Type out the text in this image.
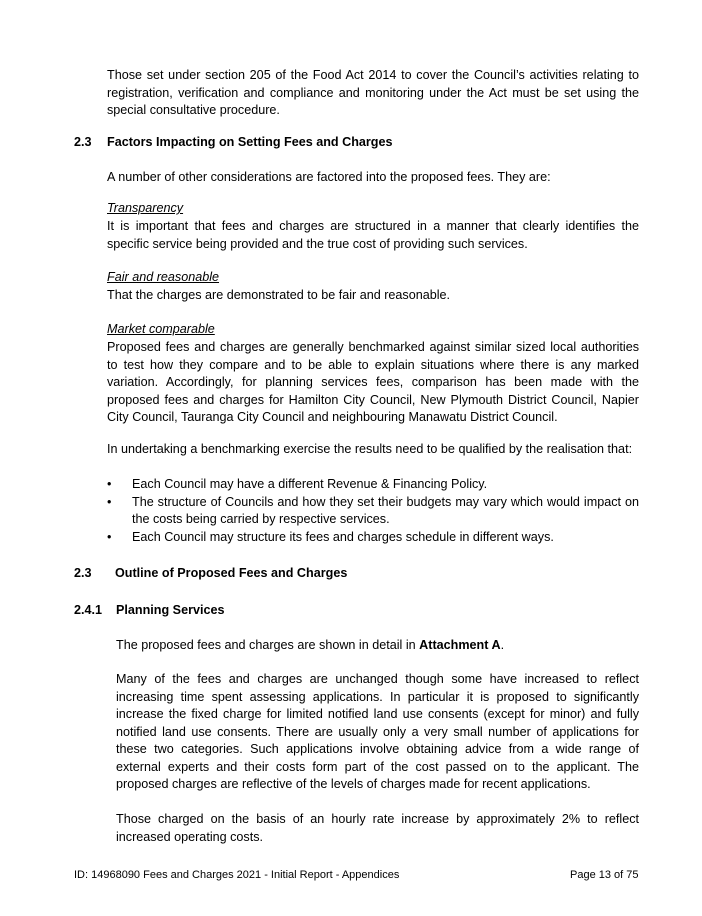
Those set under section 205 of the Food Act 2014 to cover the Council’s activities relating to registration, verification and compliance and monitoring under the Act must be set using the special consultative procedure.

2.3 Factors Impacting on Setting Fees and Charges

A number of other considerations are factored into the proposed fees. They are:

Transparency

It is important that fees and charges are structured in a manner that clearly identifies the specific service being provided and the true cost of providing such services.

Fair and reasonable

That the charges are demonstrated to be fair and reasonable.

Market comparable

Proposed fees and charges are generally benchmarked against similar sized local authorities to test how they compare and to be able to explain situations where there is any marked variation. Accordingly, for planning services fees, comparison has been made with the proposed fees and charges for Hamilton City Council, New Plymouth District Council, Napier City Council, Tauranga City Council and neighbouring Manawatu District Council.

In undertaking a benchmarking exercise the results need to be qualified by the realisation that:

• Each Council may have a different Revenue & Financing Policy.
• The structure of Councils and how they set their budgets may vary which would impact on the costs being carried by respective services.
• Each Council may structure its fees and charges schedule in different ways.
2.3 Outline of Proposed Fees and Charges
2.4.1 Planning Services

The proposed fees and charges are shown in detail in Attachment A.

Many of the fees and charges are unchanged though some have increased to reflect increasing time spent assessing applications. In particular it is proposed to significantly increase the fixed charge for limited notified land use consents (except for minor) and fully notified land use consents. There are usually only a very small number of applications for these two categories. Such applications involve obtaining advice from a wide range of external experts and their costs form part of the cost passed on to the applicant. The proposed charges are reflective of the levels of charges made for recent applications.

Those charged on the basis of an hourly rate increase by approximately 2% to reflect increased operating costs.

ID: 14968090 Fees and Charges 2021 - Initial Report - Appendices	Page 13 of 75
